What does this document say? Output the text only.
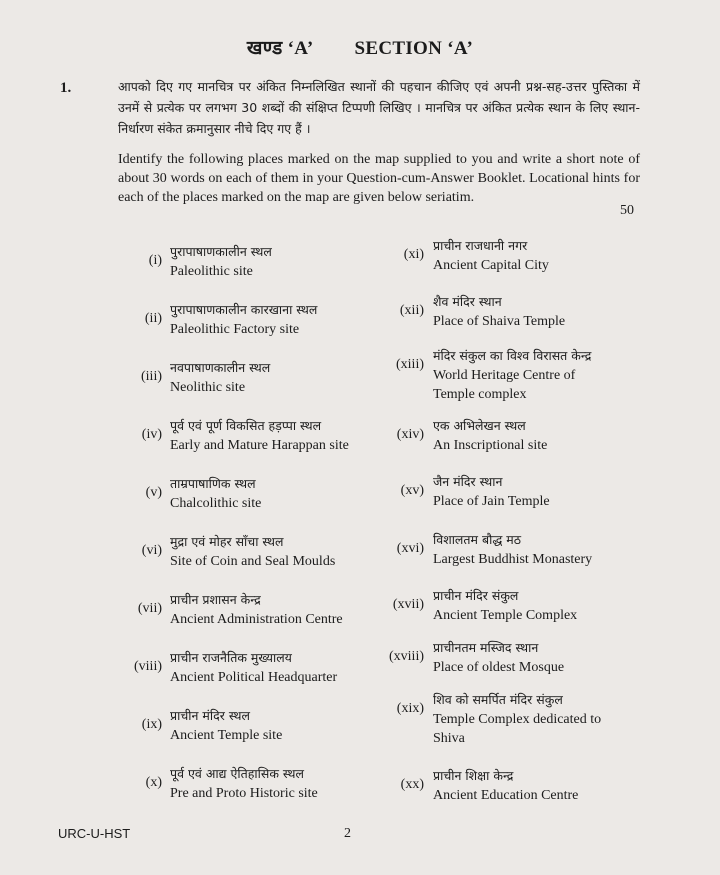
खण्ड ‘A’ SECTION ‘A’
1.	आपको दिए गए मानचित्र पर अंकित निम्नलिखित स्थानों की पहचान कीजिए एवं अपनी प्रश्न-सह-उत्तर पुस्तिका में उनमें से प्रत्येक पर लगभग 30 शब्दों की संक्षिप्त टिप्पणी लिखिए । मानचित्र पर अंकित प्रत्येक स्थान के लिए स्थान-निर्धारण संकेत क्रमानुसार नीचे दिए गए हैं ।
Identify the following places marked on the map supplied to you and write a short note of about 30 words on each of them in your Question-cum-Answer Booklet. Locational hints for each of the places marked on the map are given below seriatim.
50
(i)
पुरापाषाणकालीन स्थल
Paleolithic site
(ii)
पुरापाषाणकालीन कारखाना स्थल
Paleolithic Factory site
(iii)
नवपाषाणकालीन स्थल
Neolithic site
(iv)
पूर्व एवं पूर्ण विकसित हड़प्पा स्थल
Early and Mature Harappan site
(v)
ताम्रपाषाणिक स्थल
Chalcolithic site
(vi)
मुद्रा एवं मोहर साँचा स्थल
Site of Coin and Seal Moulds
(vii)
प्राचीन प्रशासन केन्द्र
Ancient Administration Centre
(viii)
प्राचीन राजनैतिक मुख्यालय
Ancient Political Headquarter
(ix)
प्राचीन मंदिर स्थल
Ancient Temple site
(x)
पूर्व एवं आद्य ऐतिहासिक स्थल
Pre and Proto Historic site
(xi)
प्राचीन राजधानी नगर
Ancient Capital City
(xii)
शैव मंदिर स्थान
Place of Shaiva Temple
(xiii)
मंदिर संकुल का विश्व विरासत केन्द्र
World Heritage Centre of
Temple complex
(xiv)
एक अभिलेखन स्थल
An Inscriptional site
(xv)
जैन मंदिर स्थान
Place of Jain Temple
(xvi)
विशालतम बौद्ध मठ
Largest Buddhist Monastery
(xvii)
प्राचीन मंदिर संकुल
Ancient Temple Complex
(xviii)
प्राचीनतम मस्जिद स्थान
Place of oldest Mosque
(xix)
शिव को समर्पित मंदिर संकुल
Temple Complex dedicated to
Shiva
(xx)
प्राचीन शिक्षा केन्द्र
Ancient Education Centre
URC-U-HST	2
